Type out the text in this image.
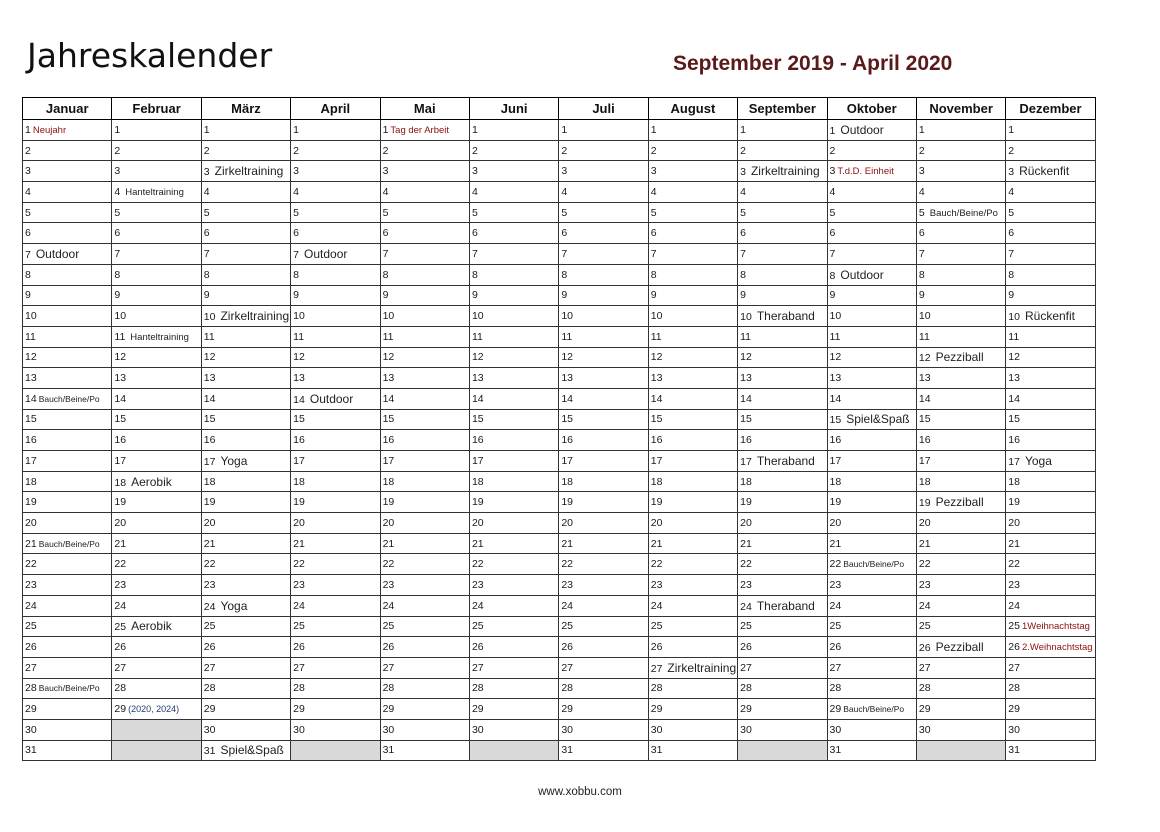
Jahreskalender	September 2019 - April 2020
Januar	Februar	März	April	Mai	Juni	Juli	August	September	Oktober	November	Dezember
1 Neujahr	1	1	1	1 Tag der Arbeit	1	1	1	1	1 Outdoor	1	1
2	2	2	2	2	2	2	2	2	2	2	2
3	3	3 Zirkeltraining	3	3	3	3	3	3 Zirkeltraining	3 T.d.D. Einheit	3	3 Rückenfit
4	4 Hanteltraining	4	4	4	4	4	4	4	4	4	4
5	5	5	5	5	5	5	5	5	5	5 Bauch/Beine/Po	5
6	6	6	6	6	6	6	6	6	6	6	6
7 Outdoor	7	7	7 Outdoor	7	7	7	7	7	7	7	7
8	8	8	8	8	8	8	8	8	8 Outdoor	8	8
9	9	9	9	9	9	9	9	9	9	9	9
10	10	10 Zirkeltraining	10	10	10	10	10	10 Theraband	10	10	10 Rückenfit
11	11 Hanteltraining	11	11	11	11	11	11	11	11	11	11
12	12	12	12	12	12	12	12	12	12	12 Pezziball	12
13	13	13	13	13	13	13	13	13	13	13	13
14 Bauch/Beine/Po	14	14	14 Outdoor	14	14	14	14	14	14	14	14
15	15	15	15	15	15	15	15	15	15 Spiel&Spaß	15	15
16	16	16	16	16	16	16	16	16	16	16	16
17	17	17 Yoga	17	17	17	17	17	17 Theraband	17	17	17 Yoga
18	18 Aerobik	18	18	18	18	18	18	18	18	18	18
19	19	19	19	19	19	19	19	19	19	19 Pezziball	19
20	20	20	20	20	20	20	20	20	20	20	20
21 Bauch/Beine/Po	21	21	21	21	21	21	21	21	21	21	21
22	22	22	22	22	22	22	22	22	22 Bauch/Beine/Po	22	22
23	23	23	23	23	23	23	23	23	23	23	23
24	24	24 Yoga	24	24	24	24	24	24 Theraband	24	24	24
25	25 Aerobik	25	25	25	25	25	25	25	25	25	25 1Weihnachtstag
26	26	26	26	26	26	26	26	26	26	26 Pezziball	26 2.Weihnachtstag
27	27	27	27	27	27	27	27 Zirkeltraining	27	27	27	27
28 Bauch/Beine/Po	28	28	28	28	28	28	28	28	28	28	28
29	29 (2020, 2024)	29	29	29	29	29	29	29	29 Bauch/Beine/Po	29	29
30		30	30	30	30	30	30	30	30	30	30
31		31 Spiel&Spaß		31		31	31		31		31
www.xobbu.com
